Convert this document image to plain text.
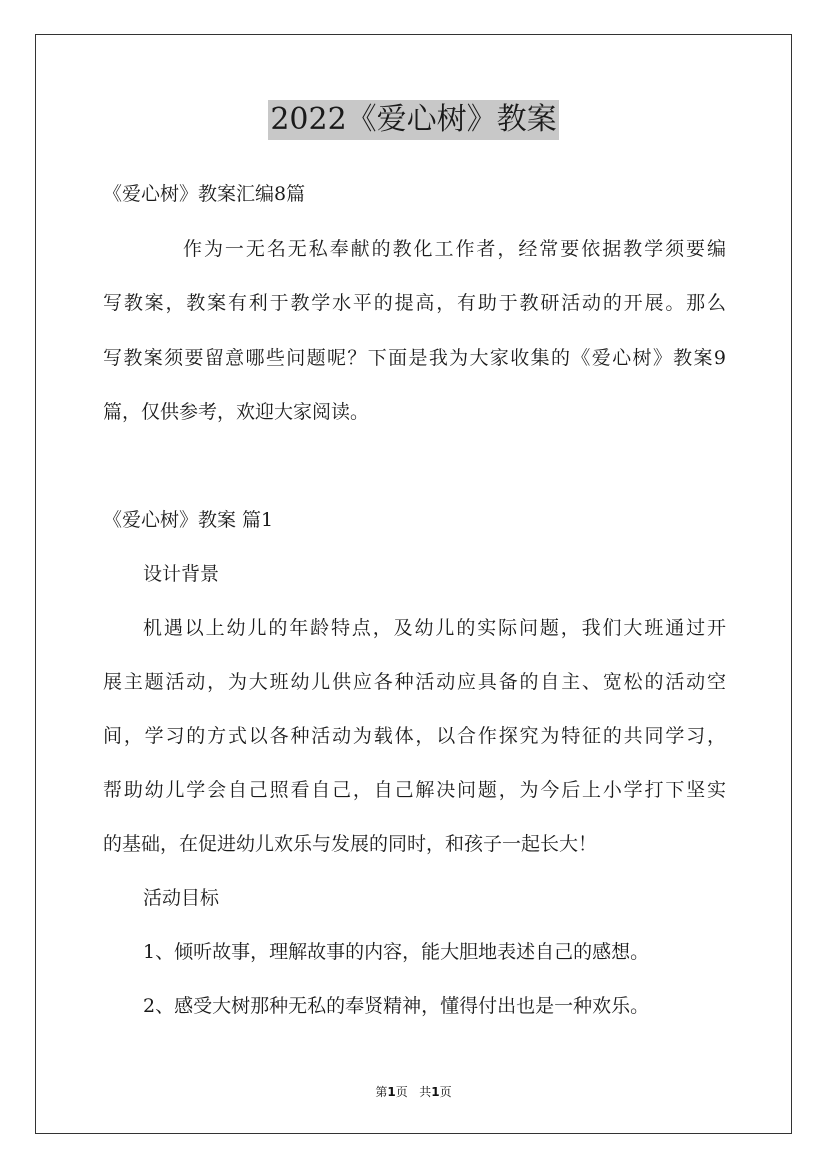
2022《爱心树》教案
《爱心树》教案汇编8篇
作为一无名无私奉献的教化工作者，经常要依据教学须要编
写教案，教案有利于教学水平的提高，有助于教研活动的开展。那么
写教案须要留意哪些问题呢？下面是我为大家收集的《爱心树》教案9
篇，仅供参考，欢迎大家阅读。
《爱心树》教案 篇1
设计背景
机遇以上幼儿的年龄特点，及幼儿的实际问题，我们大班通过开
展主题活动，为大班幼儿供应各种活动应具备的自主、宽松的活动空
间，学习的方式以各种活动为载体，以合作探究为特征的共同学习，
帮助幼儿学会自己照看自己，自己解决问题，为今后上小学打下坚实
的基础，在促进幼儿欢乐与发展的同时，和孩子一起长大！
活动目标
1、倾听故事，理解故事的内容，能大胆地表述自己的感想。
2、感受大树那种无私的奉贤精神，懂得付出也是一种欢乐。
第1页 共1页
